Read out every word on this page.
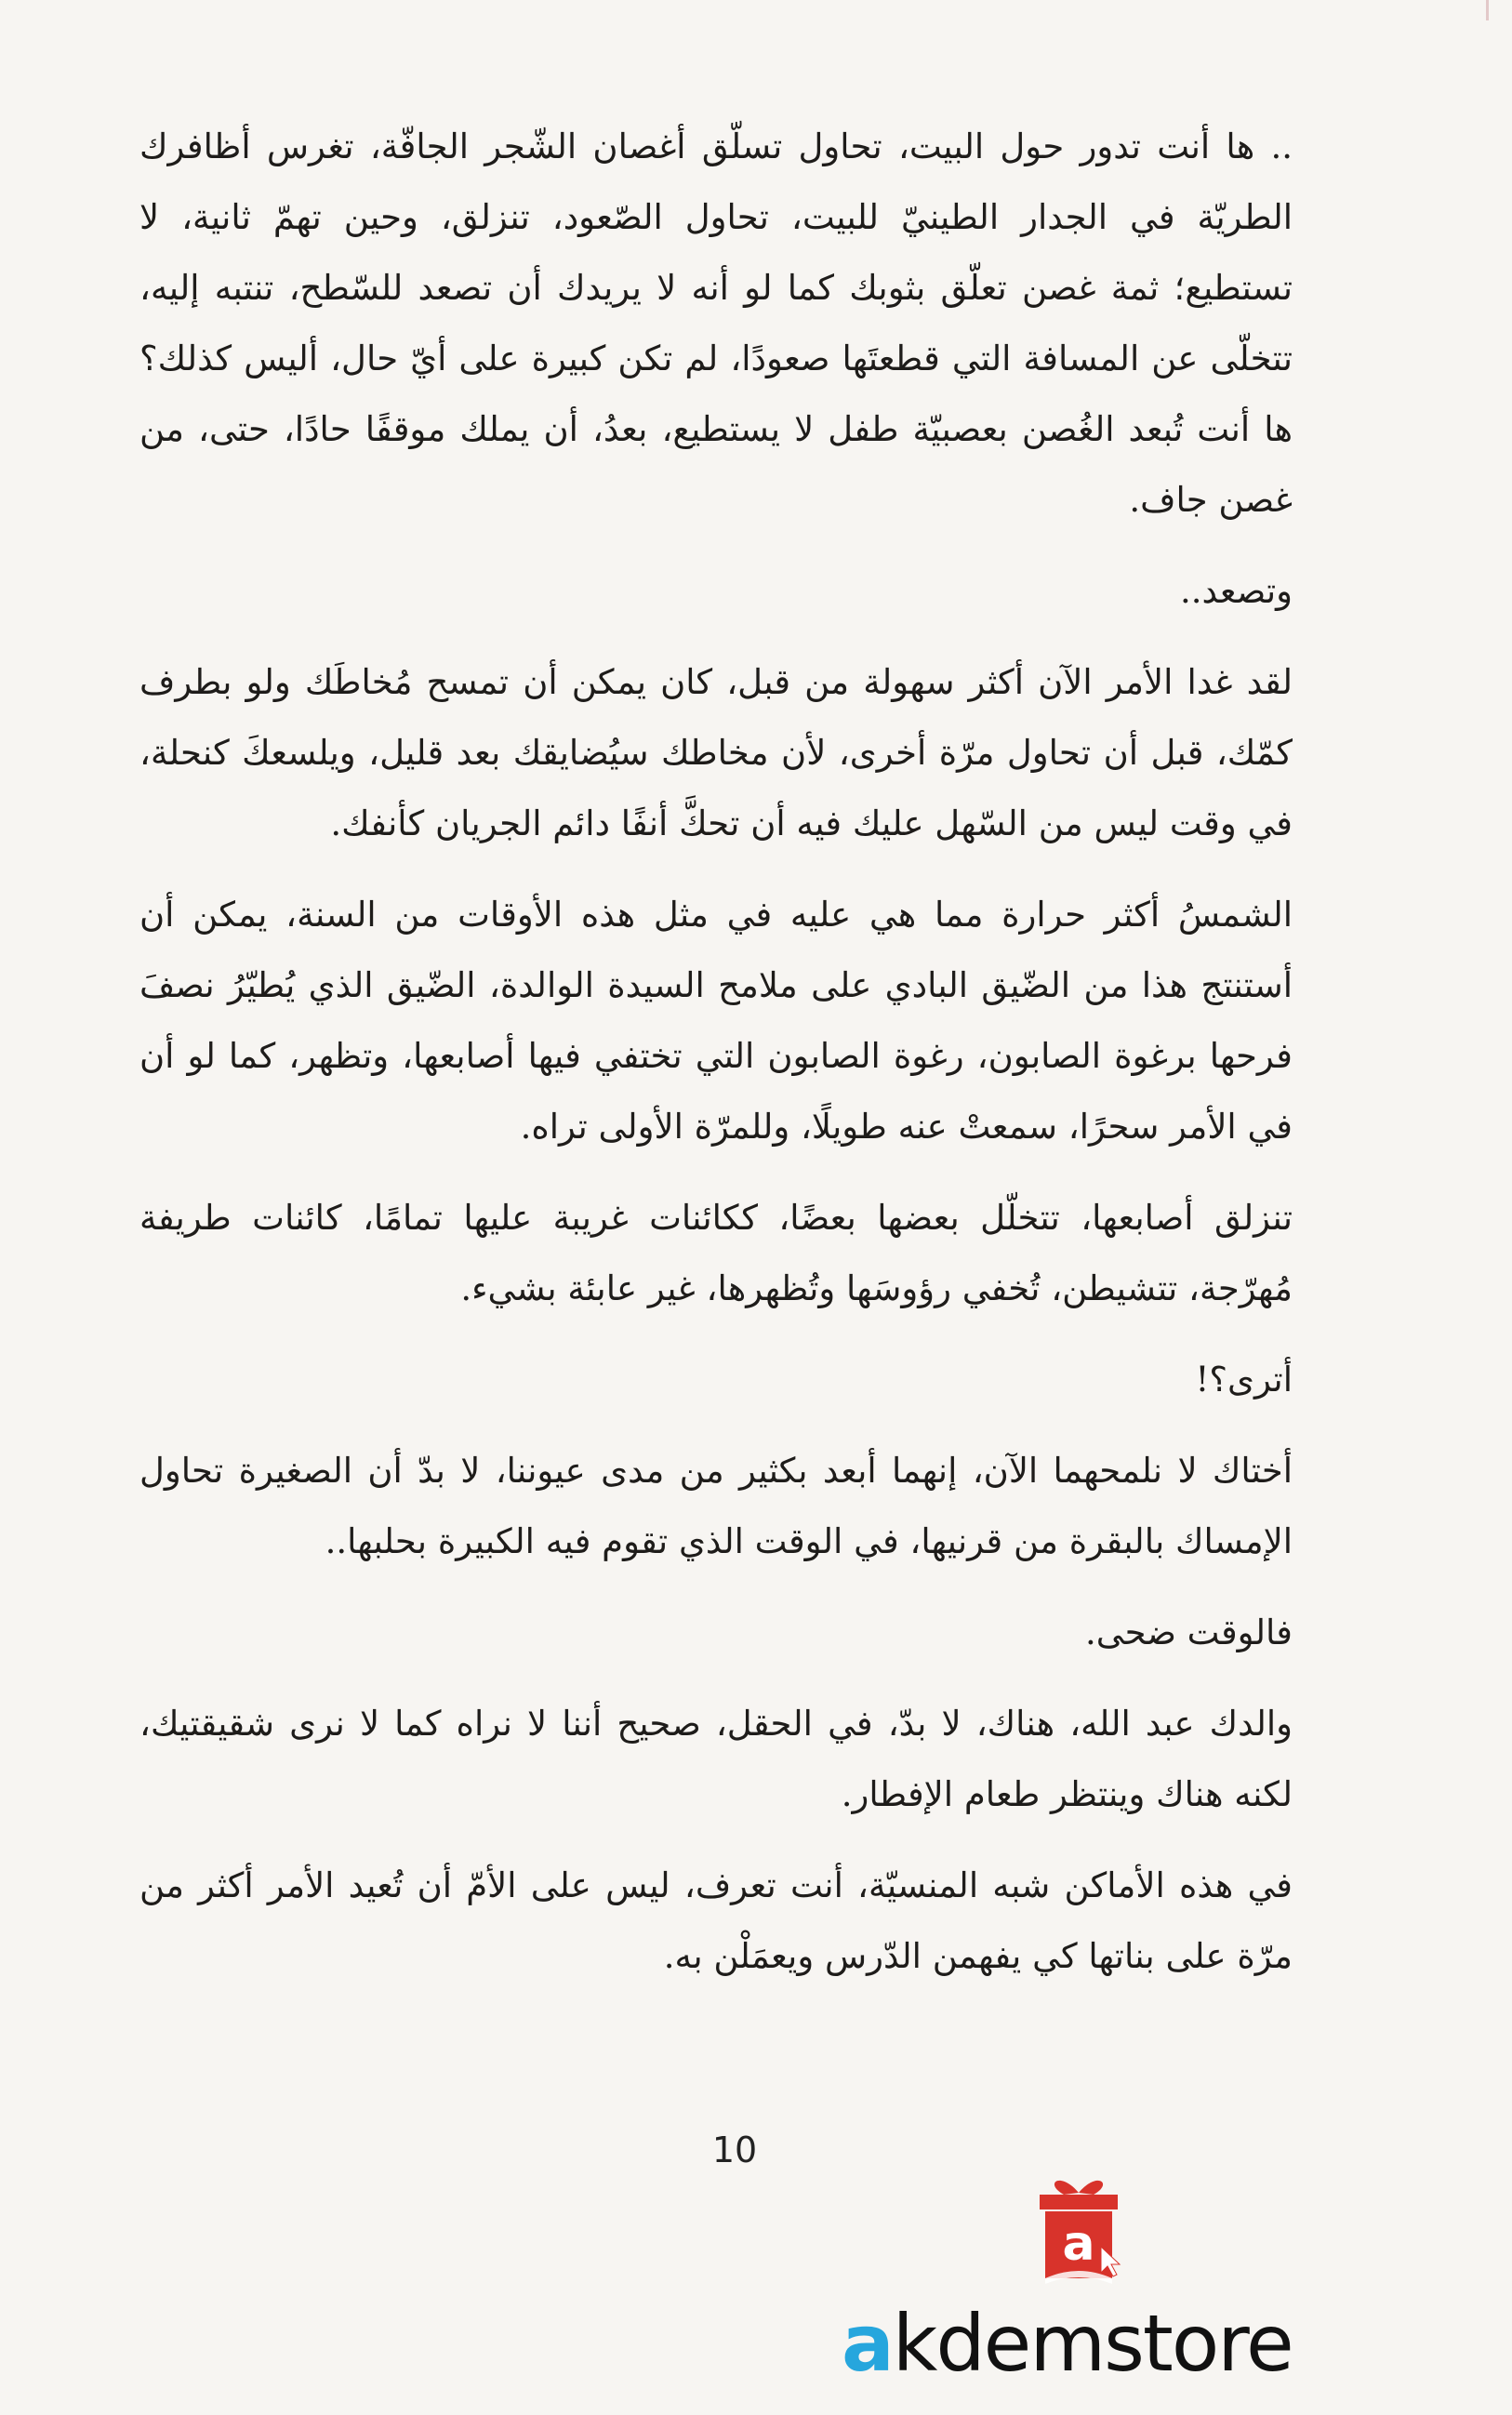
.. ها أنت تدور حول البيت، تحاول تسلّق أغصان الشّجر الجافّة، تغرس أظافرك الطريّة في الجدار الطينيّ للبيت، تحاول الصّعود، تنزلق، وحين تهمّ ثانية، لا تستطيع؛ ثمة غصن تعلّق بثوبك كما لو أنه لا يريدك أن تصعد للسّطح، تنتبه إليه، تتخلّى عن المسافة التي قطعتَها صعودًا، لم تكن كبيرة على أيّ حال، أليس كذلك؟ ها أنت تُبعد الغُصن بعصبيّة طفل لا يستطيع، بعدُ، أن يملك موقفًا حادًا، حتى، من غصن جاف.

وتصعد..

لقد غدا الأمر الآن أكثر سهولة من قبل، كان يمكن أن تمسح مُخاطَك ولو بطرف كمّك، قبل أن تحاول مرّة أخرى، لأن مخاطك سيُضايقك بعد قليل، ويلسعكَ كنحلة، في وقت ليس من السّهل عليك فيه أن تحكَّ أنفًا دائم الجريان كأنفك.

الشمسُ أكثر حرارة مما هي عليه في مثل هذه الأوقات من السنة، يمكن أن أستنتج هذا من الضّيق البادي على ملامح السيدة الوالدة، الضّيق الذي يُطيّرُ نصفَ فرحها برغوة الصابون، رغوة الصابون التي تختفي فيها أصابعها، وتظهر، كما لو أن في الأمر سحرًا، سمعتْ عنه طويلًا، وللمرّة الأولى تراه.

تنزلق أصابعها، تتخلّل بعضها بعضًا، ككائنات غريبة عليها تمامًا، كائنات طريفة مُهرّجة، تتشيطن، تُخفي رؤوسَها وتُظهرها، غير عابئة بشيء.

أترى؟!

أختاك لا نلمحهما الآن، إنهما أبعد بكثير من مدى عيوننا، لا بدّ أن الصغيرة تحاول الإمساك بالبقرة من قرنيها، في الوقت الذي تقوم فيه الكبيرة بحلبها..

فالوقت ضحى.

والدك عبد الله، هناك، لا بدّ، في الحقل، صحيح أننا لا نراه كما لا نرى شقيقتيك، لكنه هناك وينتظر طعام الإفطار.

في هذه الأماكن شبه المنسيّة، أنت تعرف، ليس على الأمّ أن تُعيد الأمر أكثر من مرّة على بناتها كي يفهمن الدّرس ويعمَلْن به.

10
a
akdemstore
